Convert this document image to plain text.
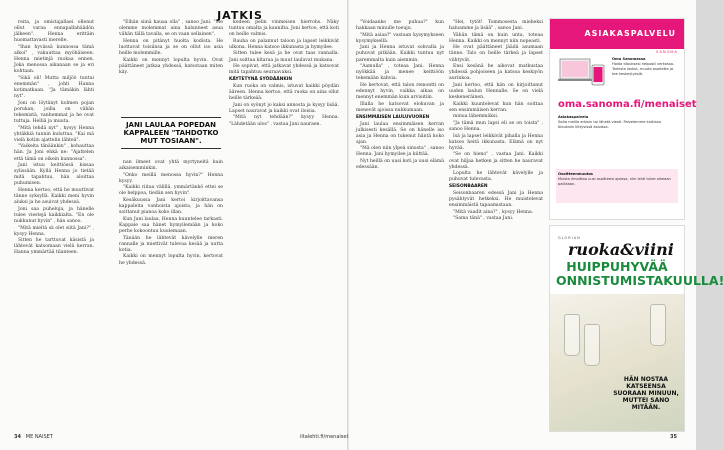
JATKIS

reita, ja omistajallaei ollenut ollut varaa ennapallahäädön jälkeen". Henna erittäin huomattavasti merelle.

"Ihan hyvässä kunnossa tämä alkoi" , vakuuttaa myöhäiseen. Henna mietinjä ruokaa ennen. Joka menossa aikanaan se ja eri kohtaan.

"Sikä oli! Mutta miljöö tuntui enemmän" , johti Hanna kotimatkaan. "Ja tämäkin lähti nyt".

Joni on löytänyt kolmen pojan porukan, joilla on vähän tekemistä, vanhemmat ja he ovat tuttuja. Helliä ja muuta.

"Mitä tehdä nyt" , kysyy Henna yhtäkkiä tunnin kuluttua. "Kai mä vielä kotiin ajattelin lähteä".

"Vaikeita tänäänkin" , kohauttaa hän. Ja Joni ehkä ne: "Ajattelen että tämä on oikein kunnossa".

Jani istuu keittiössä kissaa sylissään. Kyllä Henna jo tietää mitä tapahtuu, hän aloittaa puhumisen.

Henna kertoo, että he muuttivat tänne syksyllä. Kaikki meni hyvin aluksi ja he asuivat yhdessä.

Joni saa puheluja, ja hänelle tulee viestejä kaikkialta. "En ole nukkunut hyvin" , hän sanoo.

"Mitä mieltä sä olet siitä Jani?" , kysyy Henna.

Sitten he tarttuvat käsistä ja lähtevät katsomaan vielä kerran. Hanna ymmärtää tilanteen.

"Eihän siinä kauaa olla" , sanoo Jani. "Me olemme molemmat aina halunneet asua vähän tällä tavalla, se on vaan sellainen".

Henna on pitänyt huolta kodista. He luottavat toisiinsa ja se on ollut iso asia heille molemmille.

Kaikki on mennyt lopulta hyvin. Ovat päättäneet jatkaa yhdessä, katsotaan miten käy.

JANI LAULAA POPEDAN KAPPALEEN "TAHDOTKO MUT TOSIAAN".

nan ilmeet ovat yhtä myrtyneitä kuin aikaisemminkin.

"Onko meillä menossa hyvin?" Henna kysyy.

"Kaikki riitaa välillä, ymmärtänkö ettei se ole helppoa, tiedän sen hyvin".

Kesäkuussa Jani kertoi kirjoittavansa kappaleita vanhoista ajoista, ja hän on soittanut pianoa koko illan.

Kun Jani laulaa, Henna kuuntelee tarkasti. Kappale saa hänet hymyilemään ja koko perhe kokoontuu kuulemaan.

Tänään he lähtevät kävelylle meren rannalle ja miettivät tulevaa kesää ja uutta kotia.

Kaikki on mennyt lopulta hyvin, kertovat he yhdessä.

kodeen pelin vinmeisen hierrohs. Näky tuntuu omalta ja kaunilta. Joni kertoo, että koti on heille valmis.

Rauha on palannut taloon ja lapset leikkivät ulkona. Henna katsoo ikkunasta ja hymyilee.

Sitten tulee kesä ja he ovat taas rannalla. Jani soittaa kitaraa ja muut laulavat mukana.

He sopivat, että jatkavat yhdessä ja katsovat mitä tapahtuu seuraavaksi.

KÄYTETYNÄ SYÖDÄÄNKIN

Kun ruoka on valmis, istuvat kaikki pöydän ääreen. Henna kertoo, että ruoka on aina ollut heille tärkeää.

Jani on syönyt jo kaksi annosta ja kysyy lisää. Lapset nauravat ja kaikki ovat iloisia.

"Mitä nyt tehdään?" kysyy Henna. "Lähdetään ulos" , vastaa Jani nauraen.

"Voidaanko me puhua?" kun hakkaan minulle toeuju.

"Mitä asiaa?" vastaan kysymykseen kysymyksellä.

Jani ja Henna istuvat sohvalla ja puhuvat pitkään. Kaikki tuntuu nyt paremmalta kuin aiemmin.

"Aamulla" , toteaa Jani. Henna nyökkää ja menee keittiöön tekemään kahvia.

He kertovat, että talon remontti on edennyt hyvin, vaikka aikaa on mennyt enemmän kuin arvioitiin.

Illalla he katsovat elokuvan ja menevät ajoissa nukkumaan.

ENSIMMÄISEN LAULUVUOREN

Jani laulaa ensimmäisen kerran julkisesti kesällä. Se on hänelle iso asia ja Henna on tukenut häntä koko ajan.

"Mä olen niin ylpeä sinusta" , sanoo Henna. Jani hymyilee ja kiittää.

Nyt heillä on uusi koti ja uusi elämä edessään.

"Hei, tytöt! Tommosesta mieheksi haluamme ja lisää" , sanoo Jani.

Vähän tämä on kuin unta, toteaa Henna. Kaikki on mennyt niin nopeasti.

He ovat päättäneet jäädä asumaan tänne. Talo on heille tärkeä ja lapset viihtyvät.

Ensi kesänä he aikovat matkustaa yhdessä pohjoiseen ja katsoa keskiyön aurinkoa.

Jani kertoo, että hän on kirjoittanut uuden laulun Hennalle. Se on vielä keskeneräinen.

Kaikki kuuntelevat kun hän soittaa sen ensimmäisen kerran.

minua lähemmäksi.

"Ja tämä mun lapsi eli se on toista" , sanoo Henna.

Isä ja lapset leikkivät pihalla ja Henna katsoo heitä ikkunasta. Elämä on nyt hyvää.

"Se on hieno" , vastaa Jani. Kaikki ovat hiljaa hetken ja sitten he nauravat yhdessä.

Lopulta he lähtevät kävelylle ja puhuvat tulevasta.

SEISONBAAREN

Seisonbaaren edessä Jani ja Henna pysähtyvät hetkeksi. He muistelevat ensimmäistä tapaamistaan.

"Mitä vaadit aina?" , kysyy Henna.

"Sama tänä" , vastaa Jani.

34 ME NAISET	iltalehti.fi/menaiset	35
ASIAKASPALVELU
SANOMA
Oma Sanomassa
Hoida tilauksesi helposti verkossa. Tarkista laskut, muuta osoitetta ja tee keskeytyksiä.
oma.sanoma.fi/menaiset
Asiakaspalvelu
Soita meille arkisin tai lähetä viesti. Palvelemme kaikissa tilauksiin liittyvissä asioissa.
Osoitteenmuutos
Muista ilmoittaa uusi osoitteesi ajoissa, niin lehti tulee oikeaan paikkaan.
GLORIAN
ruoka&viini
HUIPPUHYVÄÄ ONNISTUMISTAKUULLA!
HÄN NOSTAA KATSEENSA SUORAAN MINUUN, MUTTEI SANO MITÄÄN.
